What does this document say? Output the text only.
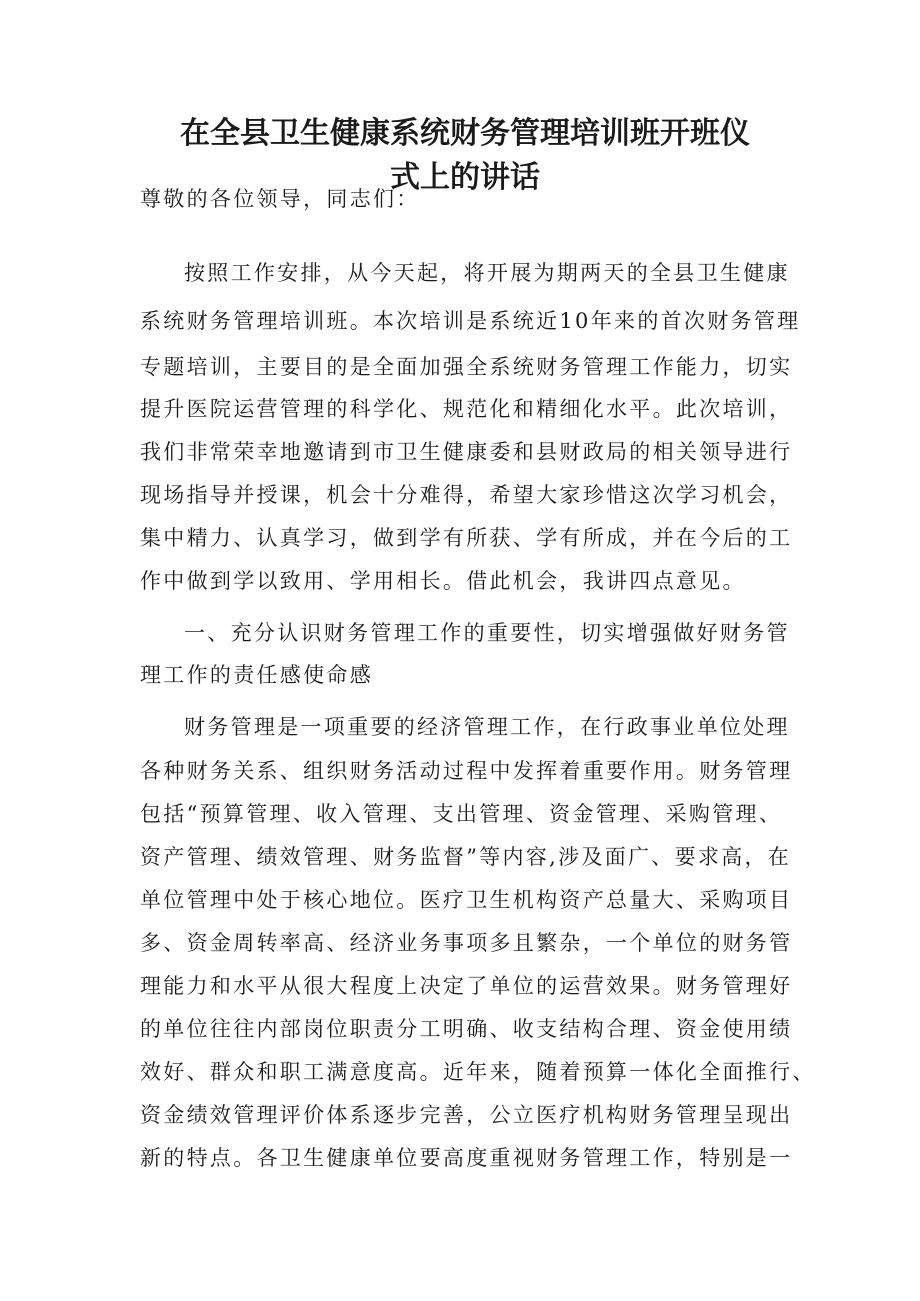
在全县卫生健康系统财务管理培训班开班仪
式上的讲话
尊敬的各位领导，同志们：
按照工作安排，从今天起，将开展为期两天的全县卫生健康
系统财务管理培训班。本次培训是系统近10年来的首次财务管理
专题培训，主要目的是全面加强全系统财务管理工作能力，切实
提升医院运营管理的科学化、规范化和精细化水平。此次培训，
我们非常荣幸地邀请到市卫生健康委和县财政局的相关领导进行
现场指导并授课，机会十分难得，希望大家珍惜这次学习机会，
集中精力、认真学习，做到学有所获、学有所成，并在今后的工
作中做到学以致用、学用相长。借此机会，我讲四点意见。
一、充分认识财务管理工作的重要性，切实增强做好财务管
理工作的责任感使命感
财务管理是一项重要的经济管理工作，在行政事业单位处理
各种财务关系、组织财务活动过程中发挥着重要作用。财务管理
包括“预算管理、收入管理、支出管理、资金管理、采购管理、
资产管理、绩效管理、财务监督”等内容,涉及面广、要求高，在
单位管理中处于核心地位。医疗卫生机构资产总量大、采购项目
多、资金周转率高、经济业务事项多且繁杂，一个单位的财务管
理能力和水平从很大程度上决定了单位的运营效果。财务管理好
的单位往往内部岗位职责分工明确、收支结构合理、资金使用绩
效好、群众和职工满意度高。近年来，随着预算一体化全面推行、
资金绩效管理评价体系逐步完善，公立医疗机构财务管理呈现出
新的特点。各卫生健康单位要高度重视财务管理工作，特别是一
